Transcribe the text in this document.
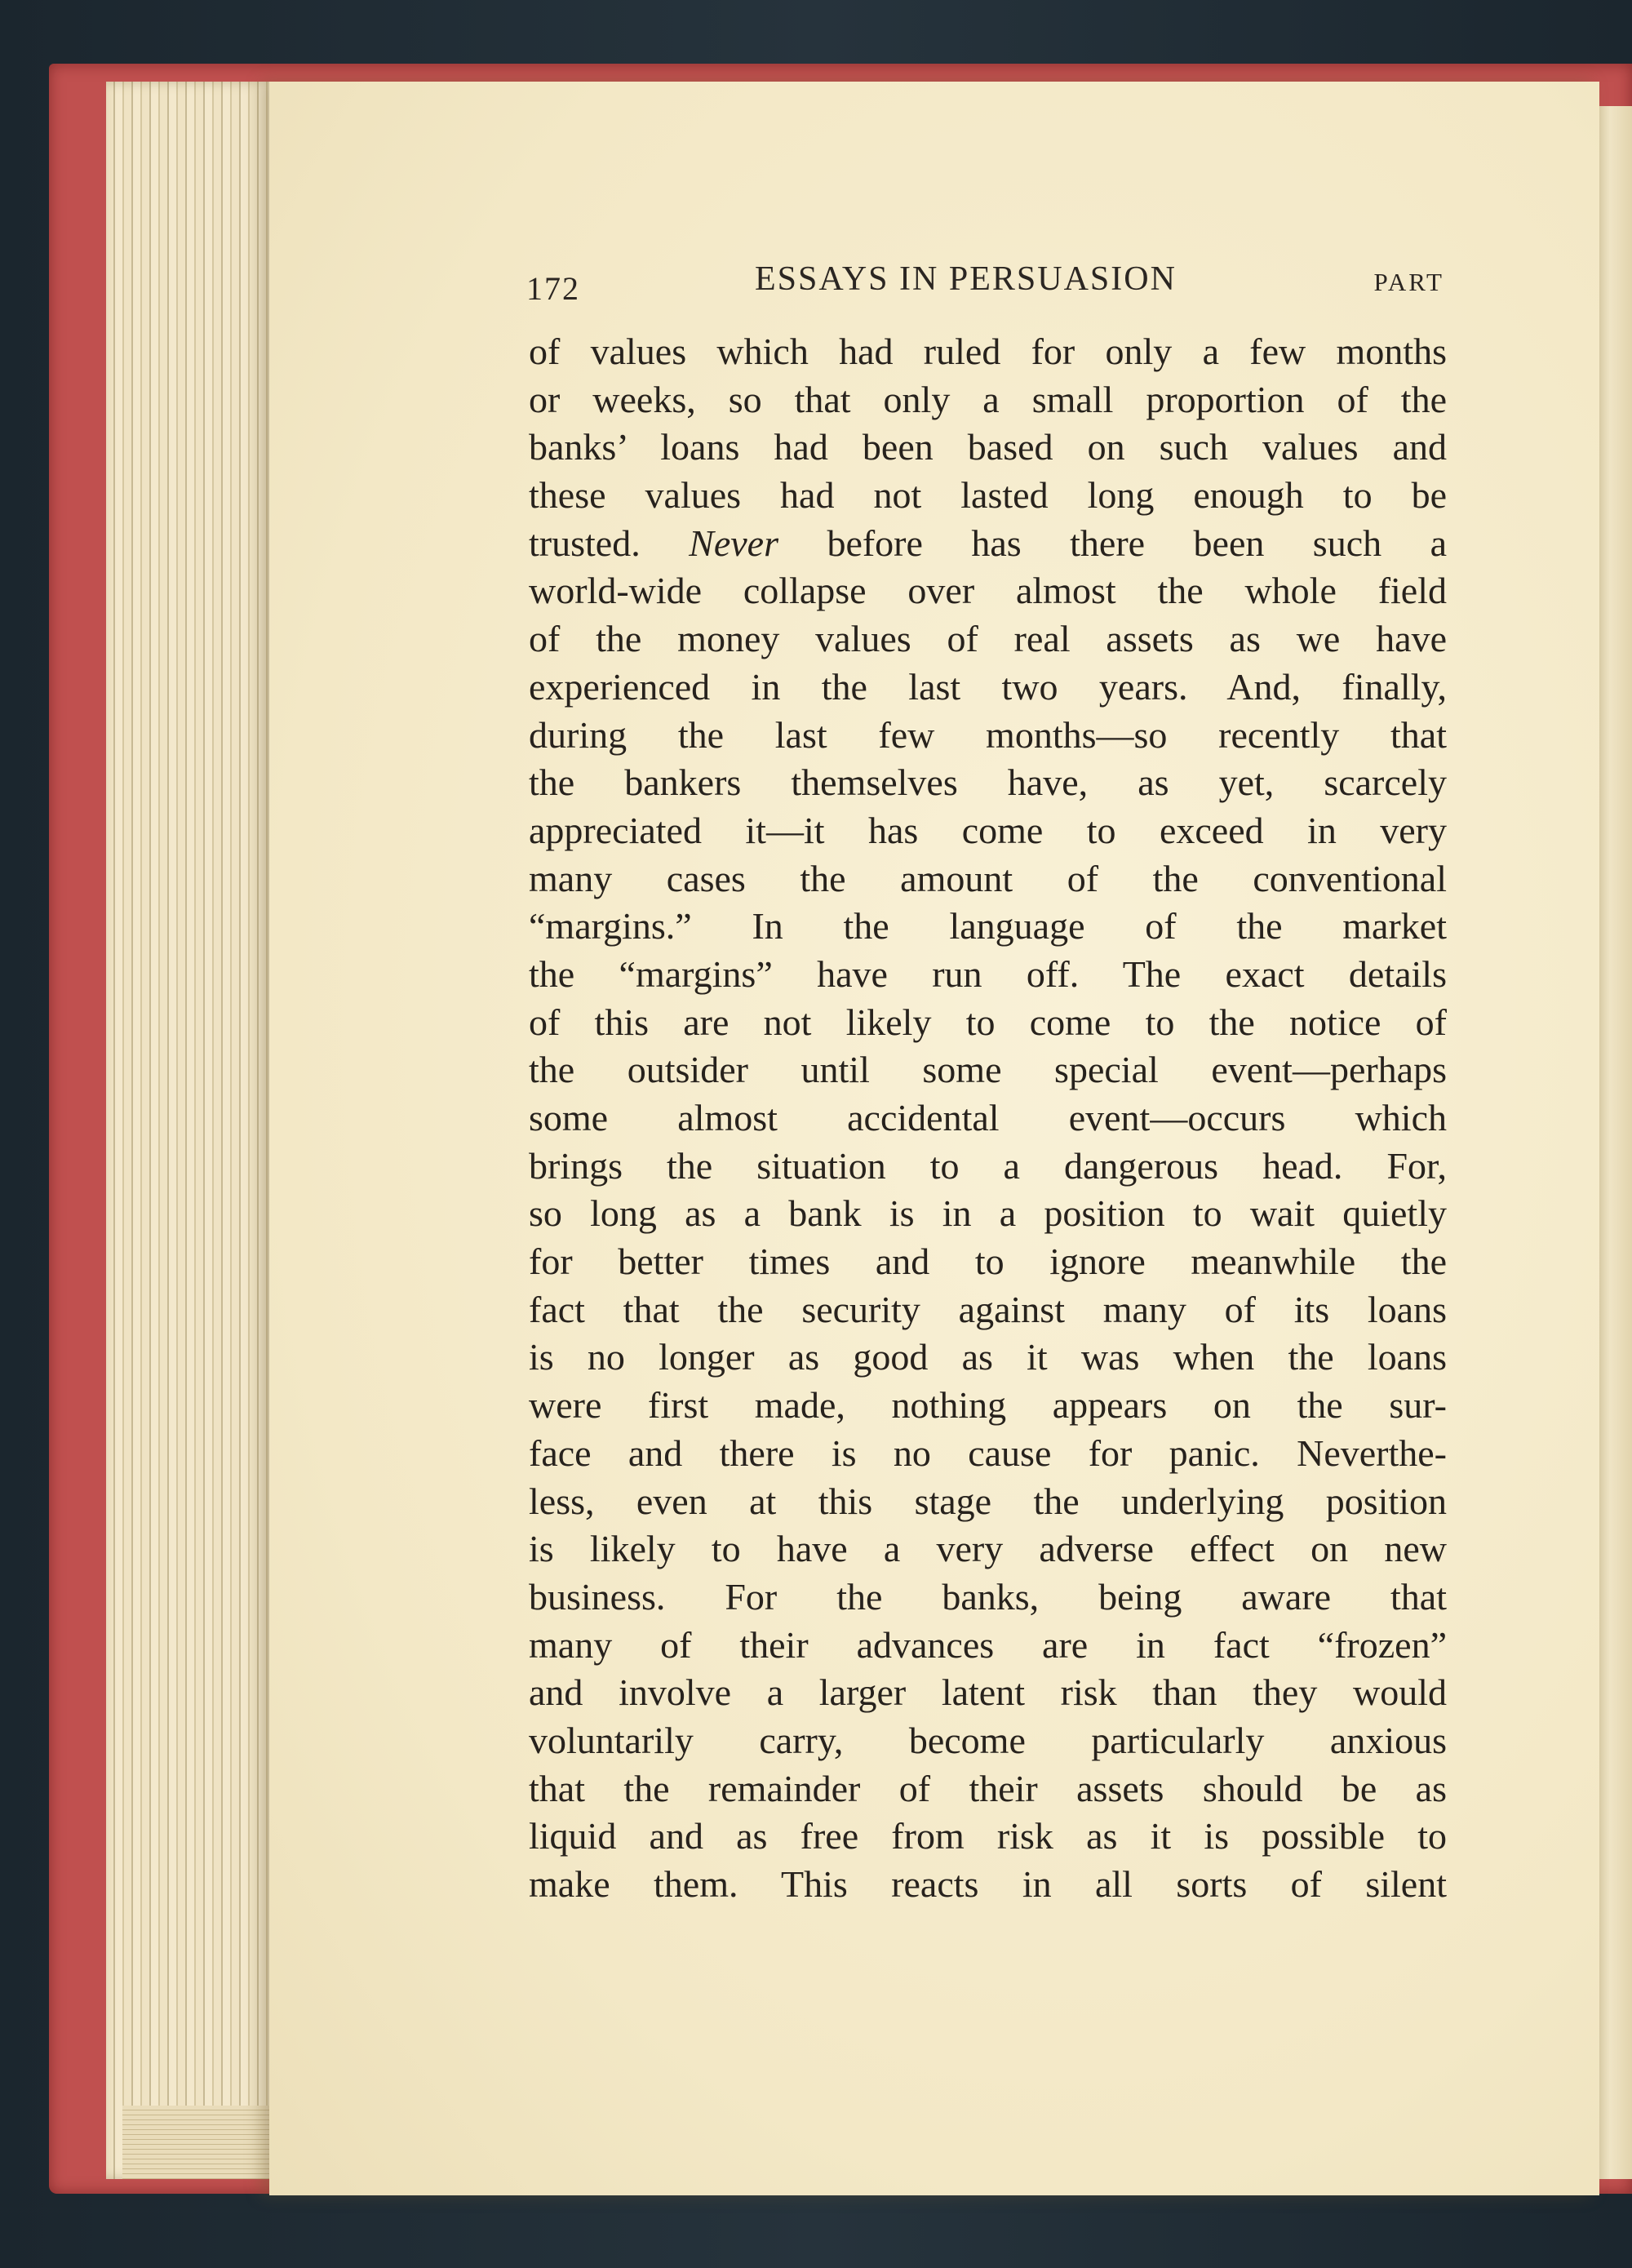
172	ESSAYS IN PERSUASION	PART
of values which had ruled for only a few months
or weeks, so that only a small proportion of the
banks’ loans had been based on such values and
these values had not lasted long enough to be
trusted. Never before has there been such a
world-wide collapse over almost the whole field
of the money values of real assets as we have
experienced in the last two years. And, finally,
during the last few months—so recently that
the bankers themselves have, as yet, scarcely
appreciated it—it has come to exceed in very
many cases the amount of the conventional
“margins.” In the language of the market
the “margins” have run off. The exact details
of this are not likely to come to the notice of
the outsider until some special event—perhaps
some almost accidental event—occurs which
brings the situation to a dangerous head. For,
so long as a bank is in a position to wait quietly
for better times and to ignore meanwhile the
fact that the security against many of its loans
is no longer as good as it was when the loans
were first made, nothing appears on the sur-
face and there is no cause for panic. Neverthe-
less, even at this stage the underlying position
is likely to have a very adverse effect on new
business. For the banks, being aware that
many of their advances are in fact “frozen”
and involve a larger latent risk than they would
voluntarily carry, become particularly anxious
that the remainder of their assets should be as
liquid and as free from risk as it is possible to
make them. This reacts in all sorts of silent
